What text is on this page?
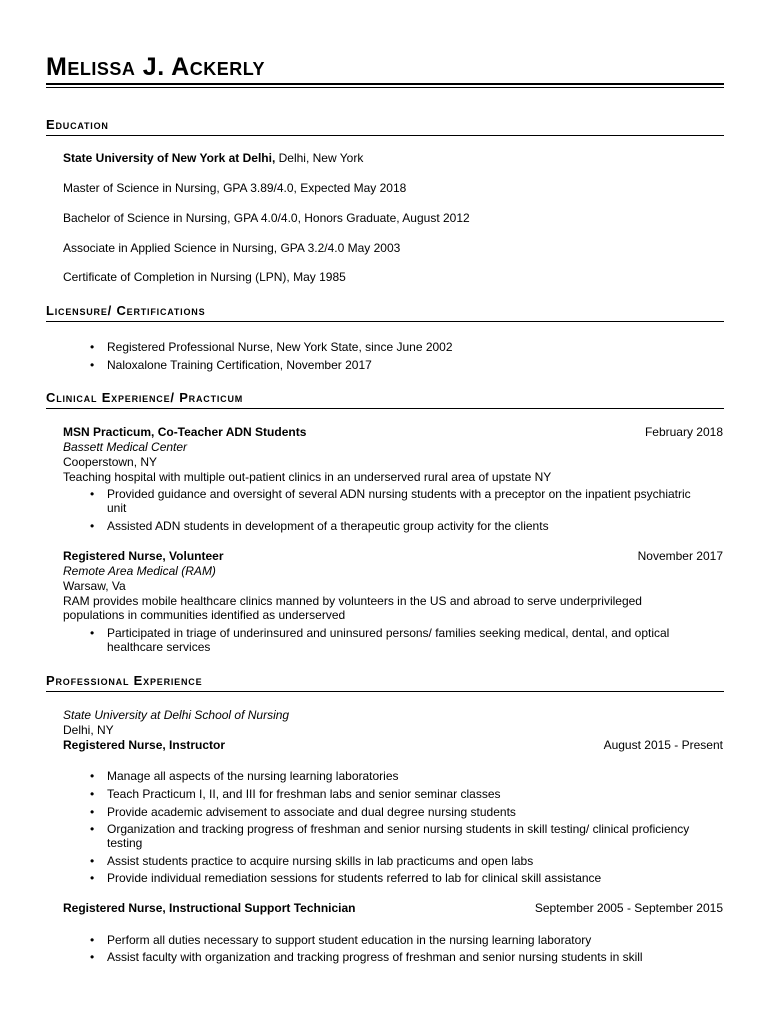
Melissa J. Ackerly
Education
State University of New York at Delhi, Delhi, New York
Master of Science in Nursing, GPA 3.89/4.0, Expected May 2018
Bachelor of Science in Nursing, GPA 4.0/4.0, Honors Graduate, August 2012
Associate in Applied Science in Nursing, GPA 3.2/4.0 May 2003
Certificate of Completion in Nursing (LPN), May 1985
Licensure/ Certifications
• Registered Professional Nurse, New York State, since June 2002
• Naloxalone Training Certification, November 2017
Clinical Experience/ Practicum
MSN Practicum, Co-Teacher ADN Students	February 2018
Bassett Medical Center
Cooperstown, NY
Teaching hospital with multiple out-patient clinics in an underserved rural area of upstate NY
• Provided guidance and oversight of several ADN nursing students with a preceptor on the inpatient psychiatric
unit
• Assisted ADN students in development of a therapeutic group activity for the clients
Registered Nurse, Volunteer	November 2017
Remote Area Medical (RAM)
Warsaw, Va
RAM provides mobile healthcare clinics manned by volunteers in the US and abroad to serve underprivileged
populations in communities identified as underserved
• Participated in triage of underinsured and uninsured persons/ families seeking medical, dental, and optical
healthcare services
Professional Experience
State University at Delhi School of Nursing
Delhi, NY
Registered Nurse, Instructor	August 2015 - Present
• Manage all aspects of the nursing learning laboratories
• Teach Practicum I, II, and III for freshman labs and senior seminar classes
• Provide academic advisement to associate and dual degree nursing students
• Organization and tracking progress of freshman and senior nursing students in skill testing/ clinical proficiency
testing
• Assist students practice to acquire nursing skills in lab practicums and open labs
• Provide individual remediation sessions for students referred to lab for clinical skill assistance
Registered Nurse, Instructional Support Technician	September 2005 - September 2015
• Perform all duties necessary to support student education in the nursing learning laboratory
• Assist faculty with organization and tracking progress of freshman and senior nursing students in skill
